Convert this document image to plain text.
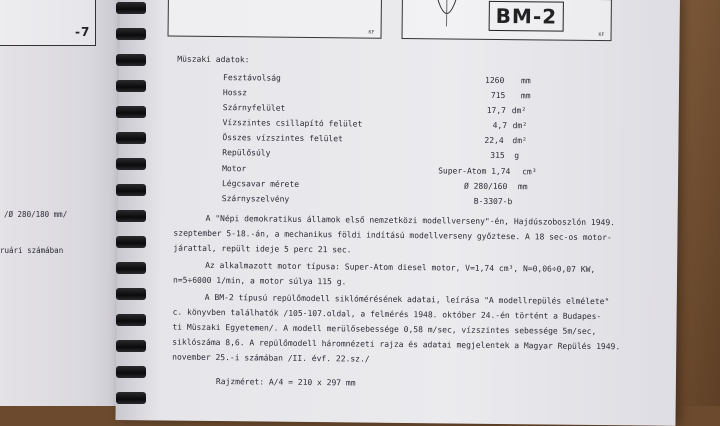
-7
/Ø 280/180 mm/
ruári számában
KF
BM-2
KF
Müszaki adatok:
Fesztávolság	1260 mm
Hossz	715 mm
Szárnyfelület	17,7 dm²
Vízszintes csillapító felület	4,7 dm²
Összes vízszintes felület	22,4 dm²
Repülősúly	315 g
Motor	Super-Atom 1,74 cm³
Légcsavar mérete	Ø 280/160 mm
Szárnyszelvény	B-3307-b
A "Népi demokratikus államok első nemzetközi modellverseny"-én, Hajdúszoboszlón 1949.
szeptember 5-18.-án, a mechanikus földi indítású modellverseny győztese. A 18 sec-os motor-
járattal, repült ideje 5 perc 21 sec.
Az alkalmazott motor típusa: Super-Atom diesel motor, V=1,74 cm³, N=0,06÷0,07 KW,
n=5÷6000 1/min, a motor súlya 115 g.
A BM-2 típusú repülőmodell siklómérésének adatai, leírása "A modellrepülés elmélete"
c. könyvben találhatók /105-107.oldal, a felmérés 1948. október 24.-én történt a Budapes-
ti Müszaki Egyetemen/. A modell merülősebessége 0,58 m/sec, vízszintes sebessége 5m/sec,
siklószáma 8,6. A repülőmodell háromnézeti rajza és adatai megjelentek a Magyar Repülés 1949.
november 25.-i számában /II. évf. 22.sz./
Rajzméret: A/4 = 210 x 297 mm
